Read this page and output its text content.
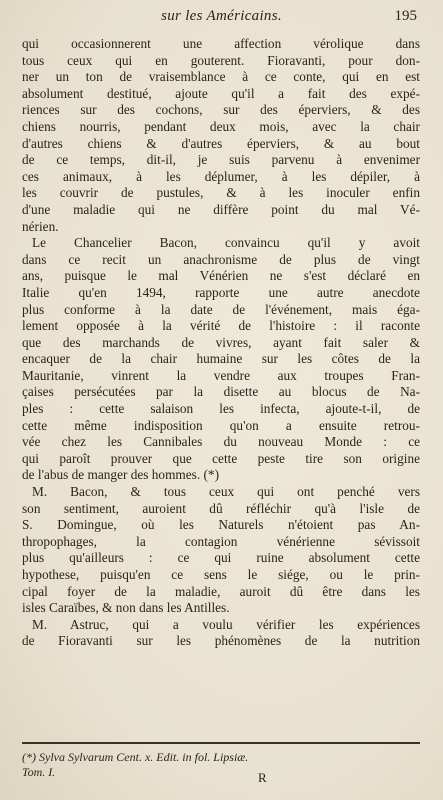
sur les Américains.	195
qui occasionnerent une affection vérolique dans
tous ceux qui en gouterent. Fioravanti, pour don-
ner un ton de vraisemblance à ce conte, qui en est
absolument destitué, ajoute qu'il a fait des expé-
riences sur des cochons, sur des éperviers, & des
chiens nourris, pendant deux mois, avec la chair
d'autres chiens & d'autres éperviers, & au bout
de ce temps, dit-il, je suis parvenu à envenimer
ces animaux, à les déplumer, à les dépiler, à
les couvrir de pustules, & à les inoculer enfin
d'une maladie qui ne diffère point du mal Vé-
nérien.
Le Chancelier Bacon, convaincu qu'il y avoit
dans ce recit un anachronisme de plus de vingt
ans, puisque le mal Vénérien ne s'est déclaré en
Italie qu'en 1494, rapporte une autre anecdote
plus conforme à la date de l'événement, mais éga-
lement opposée à la vérité de l'histoire : il raconte
que des marchands de vivres, ayant fait saler &
encaquer de la chair humaine sur les côtes de la
Mauritanie, vinrent la vendre aux troupes Fran-
çaises persécutées par la disette au blocus de Na-
ples : cette salaison les infecta, ajoute-t-il, de
cette même indisposition qu'on a ensuite retrou-
vée chez les Cannibales du nouveau Monde : ce
qui paroît prouver que cette peste tire son origine
de l'abus de manger des hommes. (*)
M. Bacon, & tous ceux qui ont penché vers
son sentiment, auroient dû réfléchir qu'à l'isle de
S. Domingue, où les Naturels n'étoient pas An-
thropophages, la contagion vénérienne sévissoit
plus qu'ailleurs : ce qui ruine absolument cette
hypothese, puisqu'en ce sens le siége, ou le prin-
cipal foyer de la maladie, auroit dû être dans les
isles Caraïbes, & non dans les Antilles.
M. Astruc, qui a voulu vérifier les expériences
de Fioravanti sur les phénomènes de la nutrition
(*) Sylva Sylvarum Cent. x. Edit. in fol. Lipsiæ.
Tom. I.	R
